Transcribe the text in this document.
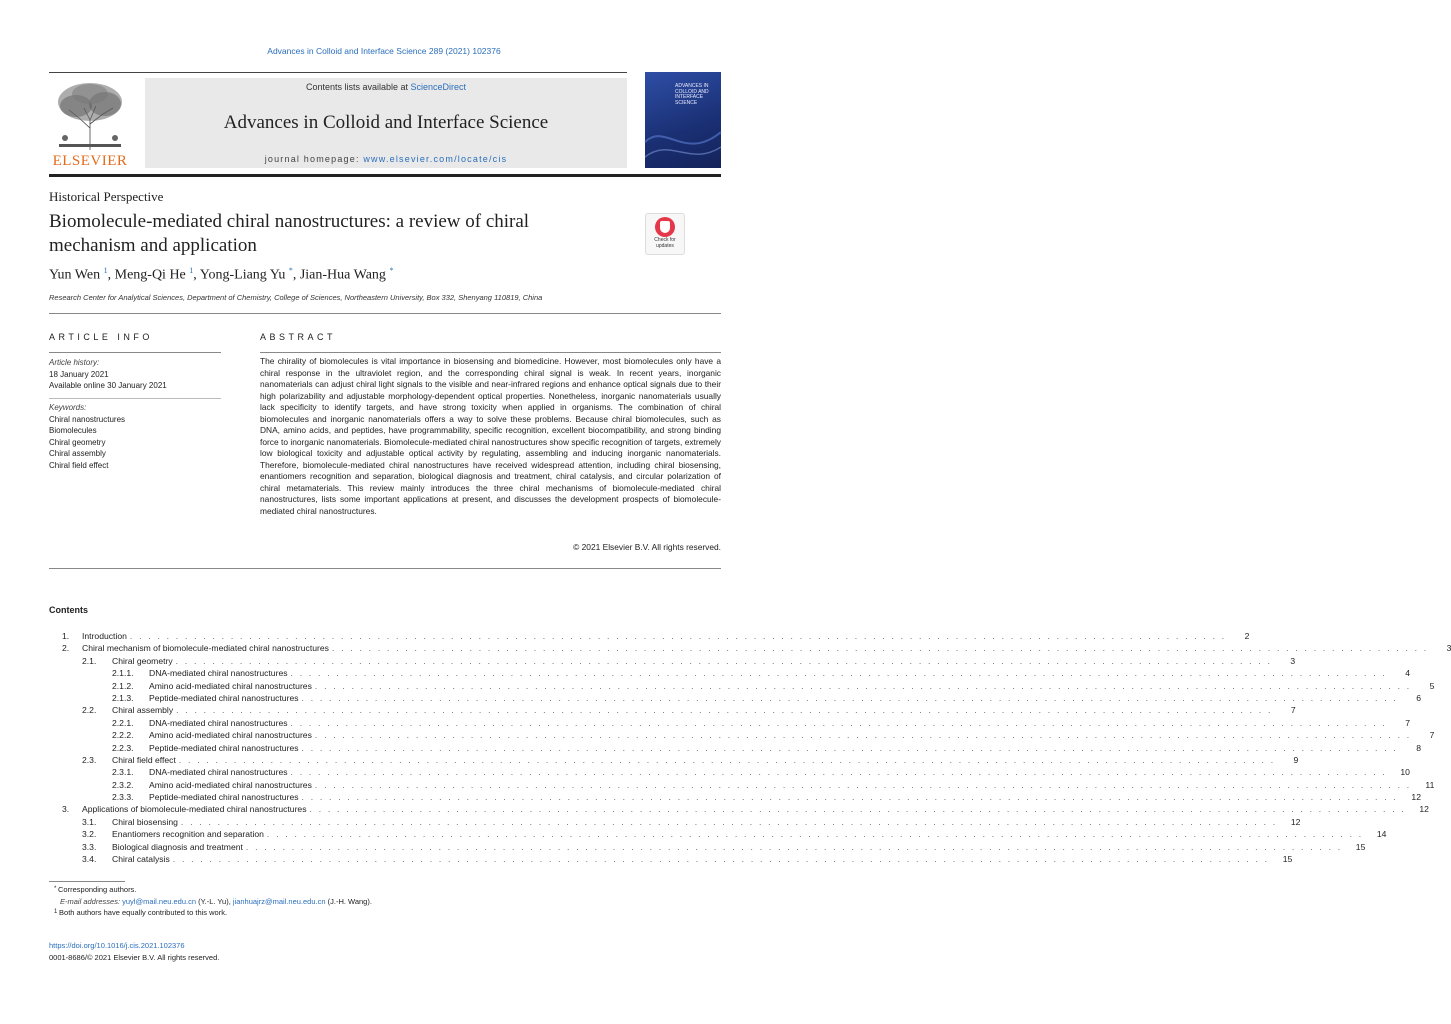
Advances in Colloid and Interface Science 289 (2021) 102376
ELSEVIER
Contents lists available at ScienceDirect
Advances in Colloid and Interface Science
journal homepage: www.elsevier.com/locate/cis
ADVANCES IN COLLOID AND INTERFACE SCIENCE
Historical Perspective
Biomolecule-mediated chiral nanostructures: a review of chiral mechanism and application	Check for updates
Yun Wen $^1$, Meng-Qi He $^1$, Yong-Liang Yu *, Jian-Hua Wang *
Research Center for Analytical Sciences, Department of Chemistry, College of Sciences, Northeastern University, Box 332, Shenyang 110819, China
ARTICLE INFO	ABSTRACT
Article history:
18 January 2021
Available online 30 January 2021
Keywords:
Chiral nanostructures
Biomolecules
Chiral geometry
Chiral assembly
Chiral field effect
The chirality of biomolecules is vital importance in biosensing and biomedicine. However, most biomolecules only have a chiral response in the ultraviolet region, and the corresponding chiral signal is weak. In recent years, inorganic nanomaterials can adjust chiral light signals to the visible and near-infrared regions and enhance optical signals due to their high polarizability and adjustable morphology-dependent optical properties. Nonetheless, inorganic nanomaterials usually lack specificity to identify targets, and have strong toxicity when applied in organisms. The combination of chiral biomolecules and inorganic nanomaterials offers a way to solve these problems. Because chiral biomolecules, such as DNA, amino acids, and peptides, have programmability, specific recognition, excellent biocompatibility, and strong binding force to inorganic nanomaterials. Biomolecule-mediated chiral nanostructures show specific recognition of targets, extremely low biological toxicity and adjustable optical activity by regulating, assembling and inducing inorganic nanomaterials. Therefore, biomolecule-mediated chiral nanostructures have received widespread attention, including chiral biosensing, enantiomers recognition and separation, biological diagnosis and treatment, chiral catalysis, and circular polarization of chiral metamaterials. This review mainly introduces the three chiral mechanisms of biomolecule-mediated chiral nanostructures, lists some important applications at present, and discusses the development prospects of biomolecule-mediated chiral nanostructures.
© 2021 Elsevier B.V. All rights reserved.
Contents
1.	Introduction . . . . . . . . . . . . . . . . . . . . . . . . . . . . . . . . . . . . . . . . . . . . . . . . . . . . . . . . . . . . . . . . . . . . . . . . . . . . . . . . . . . . . . . . . . . . . . . . . . . . . . . . . . . . . . . . . . . . . . . .	2
2.	Chiral mechanism of biomolecule-mediated chiral nanostructures . . . . . . . . . . . . . . . . . . . . . . . . . . . . . . . . . . . . . . . . . . . . . . . . . . . . . . . . . . . . . . . . . . . . . . . . . . . . . . . . . . . . . . . . . . . . . . . . . . . . . . . . . . . . . . . . . . . . . . . .	3
2.1.	Chiral geometry . . . . . . . . . . . . . . . . . . . . . . . . . . . . . . . . . . . . . . . . . . . . . . . . . . . . . . . . . . . . . . . . . . . . . . . . . . . . . . . . . . . . . . . . . . . . . . . . . . . . . . . . . . . . . . . . . . . . . . . .	3
2.1.1.	DNA-mediated chiral nanostructures . . . . . . . . . . . . . . . . . . . . . . . . . . . . . . . . . . . . . . . . . . . . . . . . . . . . . . . . . . . . . . . . . . . . . . . . . . . . . . . . . . . . . . . . . . . . . . . . . . . . . . . . . . . . . . . . . . . . . . . .	4
2.1.2.	Amino acid-mediated chiral nanostructures . . . . . . . . . . . . . . . . . . . . . . . . . . . . . . . . . . . . . . . . . . . . . . . . . . . . . . . . . . . . . . . . . . . . . . . . . . . . . . . . . . . . . . . . . . . . . . . . . . . . . . . . . . . . . . . . . . . . . . . .	5
2.1.3.	Peptide-mediated chiral nanostructures . . . . . . . . . . . . . . . . . . . . . . . . . . . . . . . . . . . . . . . . . . . . . . . . . . . . . . . . . . . . . . . . . . . . . . . . . . . . . . . . . . . . . . . . . . . . . . . . . . . . . . . . . . . . . . . . . . . . . . . .	6
2.2.	Chiral assembly . . . . . . . . . . . . . . . . . . . . . . . . . . . . . . . . . . . . . . . . . . . . . . . . . . . . . . . . . . . . . . . . . . . . . . . . . . . . . . . . . . . . . . . . . . . . . . . . . . . . . . . . . . . . . . . . . . . . . . . .	7
2.2.1.	DNA-mediated chiral nanostructures . . . . . . . . . . . . . . . . . . . . . . . . . . . . . . . . . . . . . . . . . . . . . . . . . . . . . . . . . . . . . . . . . . . . . . . . . . . . . . . . . . . . . . . . . . . . . . . . . . . . . . . . . . . . . . . . . . . . . . . .	7
2.2.2.	Amino acid-mediated chiral nanostructures . . . . . . . . . . . . . . . . . . . . . . . . . . . . . . . . . . . . . . . . . . . . . . . . . . . . . . . . . . . . . . . . . . . . . . . . . . . . . . . . . . . . . . . . . . . . . . . . . . . . . . . . . . . . . . . . . . . . . . . .	7
2.2.3.	Peptide-mediated chiral nanostructures . . . . . . . . . . . . . . . . . . . . . . . . . . . . . . . . . . . . . . . . . . . . . . . . . . . . . . . . . . . . . . . . . . . . . . . . . . . . . . . . . . . . . . . . . . . . . . . . . . . . . . . . . . . . . . . . . . . . . . . .	8
2.3.	Chiral field effect . . . . . . . . . . . . . . . . . . . . . . . . . . . . . . . . . . . . . . . . . . . . . . . . . . . . . . . . . . . . . . . . . . . . . . . . . . . . . . . . . . . . . . . . . . . . . . . . . . . . . . . . . . . . . . . . . . . . . . . .	9
2.3.1.	DNA-mediated chiral nanostructures . . . . . . . . . . . . . . . . . . . . . . . . . . . . . . . . . . . . . . . . . . . . . . . . . . . . . . . . . . . . . . . . . . . . . . . . . . . . . . . . . . . . . . . . . . . . . . . . . . . . . . . . . . . . . . . . . . . . . . . .	10
2.3.2.	Amino acid-mediated chiral nanostructures . . . . . . . . . . . . . . . . . . . . . . . . . . . . . . . . . . . . . . . . . . . . . . . . . . . . . . . . . . . . . . . . . . . . . . . . . . . . . . . . . . . . . . . . . . . . . . . . . . . . . . . . . . . . . . . . . . . . . . . .	11
2.3.3.	Peptide-mediated chiral nanostructures . . . . . . . . . . . . . . . . . . . . . . . . . . . . . . . . . . . . . . . . . . . . . . . . . . . . . . . . . . . . . . . . . . . . . . . . . . . . . . . . . . . . . . . . . . . . . . . . . . . . . . . . . . . . . . . . . . . . . . . .	12
3.	Applications of biomolecule-mediated chiral nanostructures . . . . . . . . . . . . . . . . . . . . . . . . . . . . . . . . . . . . . . . . . . . . . . . . . . . . . . . . . . . . . . . . . . . . . . . . . . . . . . . . . . . . . . . . . . . . . . . . . . . . . . . . . . . . . . . . . . . . . . . .	12
3.1.	Chiral biosensing . . . . . . . . . . . . . . . . . . . . . . . . . . . . . . . . . . . . . . . . . . . . . . . . . . . . . . . . . . . . . . . . . . . . . . . . . . . . . . . . . . . . . . . . . . . . . . . . . . . . . . . . . . . . . . . . . . . . . . . .	12
3.2.	Enantiomers recognition and separation . . . . . . . . . . . . . . . . . . . . . . . . . . . . . . . . . . . . . . . . . . . . . . . . . . . . . . . . . . . . . . . . . . . . . . . . . . . . . . . . . . . . . . . . . . . . . . . . . . . . . . . . . . . . . . . . . . . . . . . .	14
3.3.	Biological diagnosis and treatment . . . . . . . . . . . . . . . . . . . . . . . . . . . . . . . . . . . . . . . . . . . . . . . . . . . . . . . . . . . . . . . . . . . . . . . . . . . . . . . . . . . . . . . . . . . . . . . . . . . . . . . . . . . . . . . . . . . . . . . .	15
3.4.	Chiral catalysis . . . . . . . . . . . . . . . . . . . . . . . . . . . . . . . . . . . . . . . . . . . . . . . . . . . . . . . . . . . . . . . . . . . . . . . . . . . . . . . . . . . . . . . . . . . . . . . . . . . . . . . . . . . . . . . . . . . . . . . .	15
* Corresponding authors.
E-mail addresses: yuyl@mail.neu.edu.cn (Y.-L. Yu), jianhuajrz@mail.neu.edu.cn (J.-H. Wang).
$^1$ Both authors have equally contributed to this work.
https://doi.org/10.1016/j.cis.2021.102376
0001-8686/© 2021 Elsevier B.V. All rights reserved.
